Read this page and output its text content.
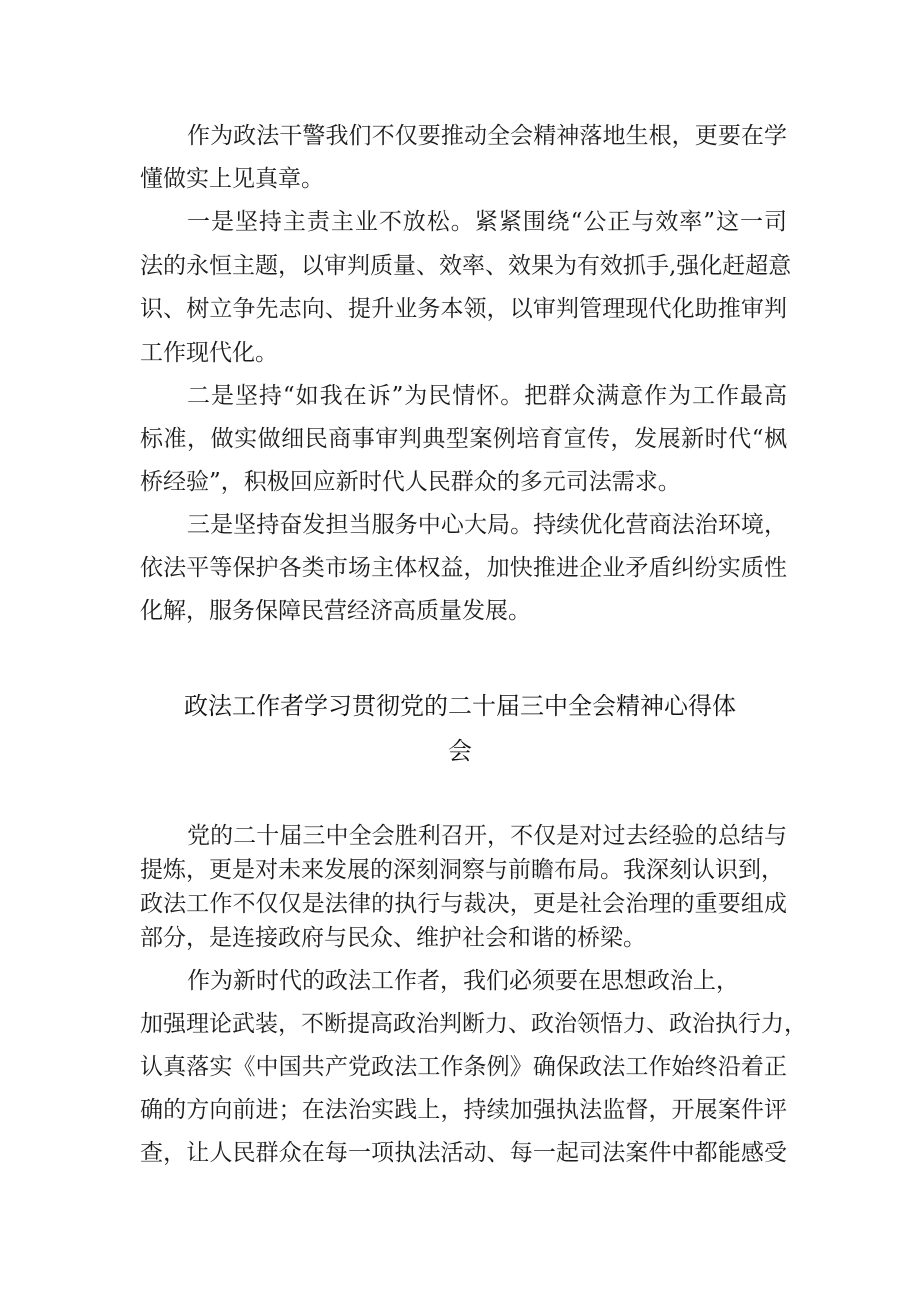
作为政法干警我们不仅要推动全会精神落地生根，更要在学
懂做实上见真章。
一是坚持主责主业不放松。紧紧围绕“公正与效率”这一司
法的永恒主题，以审判质量、效率、效果为有效抓手,强化赶超意
识、树立争先志向、提升业务本领，以审判管理现代化助推审判
工作现代化。
二是坚持“如我在诉”为民情怀。把群众满意作为工作最高
标准，做实做细民商事审判典型案例培育宣传，发展新时代“枫
桥经验”，积极回应新时代人民群众的多元司法需求。
三是坚持奋发担当服务中心大局。持续优化营商法治环境，
依法平等保护各类市场主体权益，加快推进企业矛盾纠纷实质性
化解，服务保障民营经济高质量发展。
政法工作者学习贯彻党的二十届三中全会精神心得体
会
党的二十届三中全会胜利召开，不仅是对过去经验的总结与
提炼，更是对未来发展的深刻洞察与前瞻布局。我深刻认识到，
政法工作不仅仅是法律的执行与裁决，更是社会治理的重要组成
部分，是连接政府与民众、维护社会和谐的桥梁。
作为新时代的政法工作者，我们必须要在思想政治上，
加强理论武装，不断提高政治判断力、政治领悟力、政治执行力，
认真落实《中国共产党政法工作条例》确保政法工作始终沿着正
确的方向前进；在法治实践上，持续加强执法监督，开展案件评
查，让人民群众在每一项执法活动、每一起司法案件中都能感受
